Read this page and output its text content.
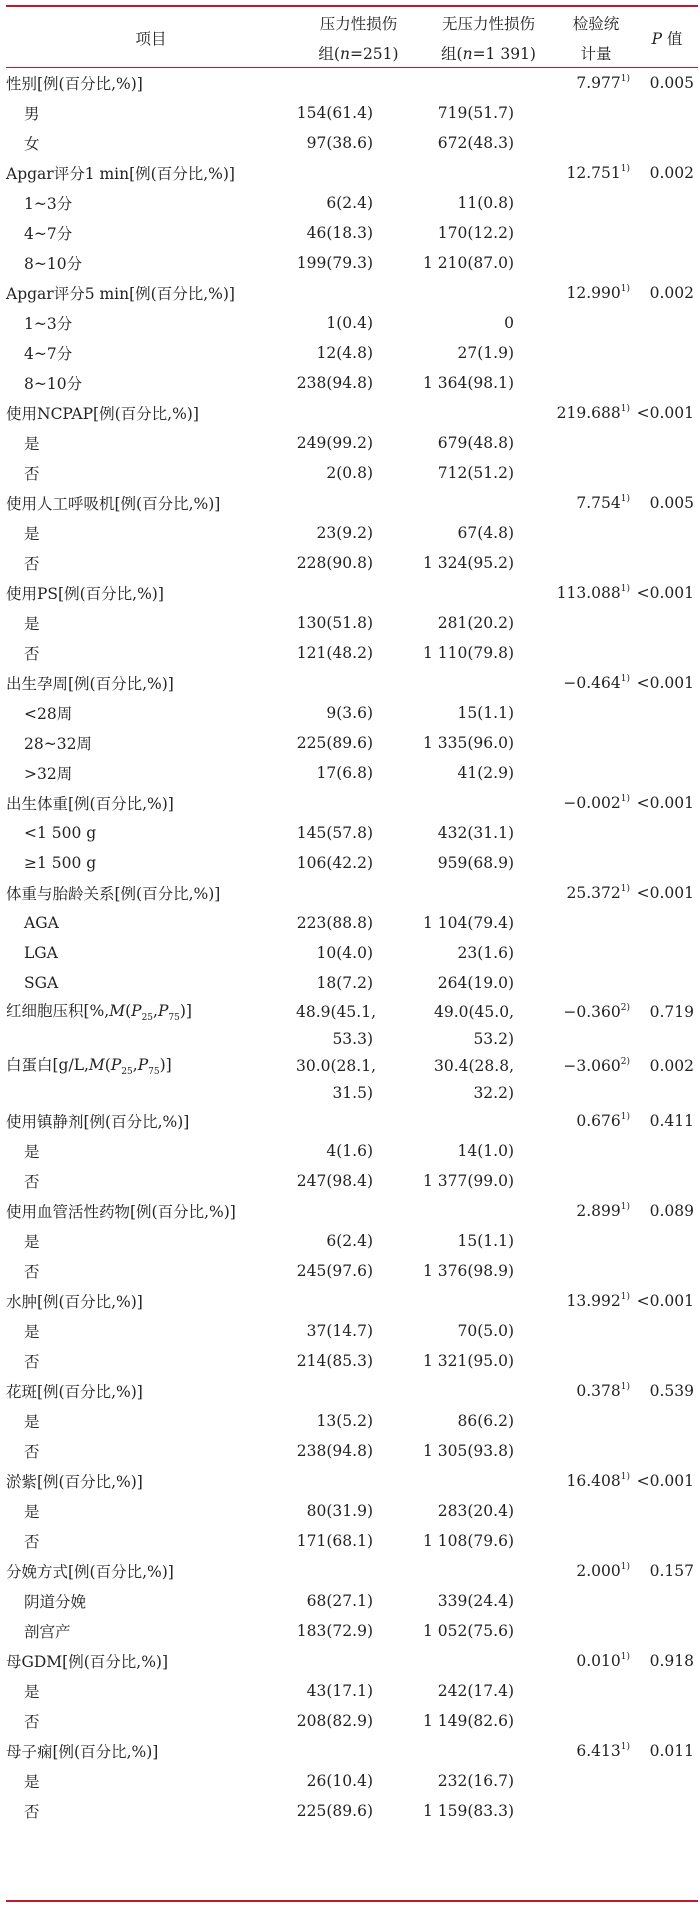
项目	压力性损伤	无压力性损伤	检验统	P 值
	组(n=251)	组(n=1 391)	计量	
性别[例(百分比,%)]			7.977$^{1)}$	0.005
男	154(61.4)	719(51.7)		
女	97(38.6)	672(48.3)		
Apgar评分1 min[例(百分比,%)]			12.751$^{1)}$	0.002
1~3分	6(2.4)	11(0.8)		
4~7分	46(18.3)	170(12.2)		
8~10分	199(79.3)	1 210(87.0)		
Apgar评分5 min[例(百分比,%)]			12.990$^{1)}$	0.002
1~3分	1(0.4)	0		
4~7分	12(4.8)	27(1.9)		
8~10分	238(94.8)	1 364(98.1)		
使用NCPAP[例(百分比,%)]			$219.688^{1)}$	<0.001
是	249(99.2)	679(48.8)		
否	2(0.8)	712(51.2)		
使用人工呼吸机[例(百分比,%)]			7.754$^{1)}$	0.005
是	23(9.2)	67(4.8)		
否	228(90.8)	1 324(95.2)		
使用PS[例(百分比,%)]			$113.088^{1)}$	<0.001
是	130(51.8)	281(20.2)		
否	121(48.2)	1 110(79.8)		
出生孕周[例(百分比,%)]			$-0.464^{1)}$	<0.001
<28周	9(3.6)	15(1.1)		
28~32周	225(89.6)	1 335(96.0)		
>32周	17(6.8)	41(2.9)		
出生体重[例(百分比,%)]			$-0.002^{1)}$	<0.001
<1 500 g	145(57.8)	432(31.1)		
≥1 500 g	106(42.2)	959(68.9)		
体重与胎龄关系[例(百分比,%)]			$25.372^{1)}$	<0.001
AGA	223(88.8)	1 104(79.4)		
LGA	10(4.0)	23(1.6)		
SGA	18(7.2)	264(19.0)		
红细胞压积$[\%,M(P_{25},P_{75})]$	48.9(45.1,	49.0(45.0,	$-0.360^{2)}$	0.719
	53.3)	53.2)		
白蛋白$[g/L,M(P_{25},P_{75})]$	30.0(28.1,	30.4(28.8,	$-3.060^{2)}$	0.002
	31.5)	32.2)		
使用镇静剂[例(百分比,%)]			0.676$^{1)}$	0.411
是	4(1.6)	14(1.0)		
否	247(98.4)	1 377(99.0)		
使用血管活性药物[例(百分比,%)]			2.899$^{1)}$	0.089
是	6(2.4)	15(1.1)		
否	245(97.6)	1 376(98.9)		
水肿[例(百分比,%)]			$13.992^{1)}$	<0.001
是	37(14.7)	70(5.0)		
否	214(85.3)	1 321(95.0)		
花斑[例(百分比,%)]			0.378$^{1)}$	0.539
是	13(5.2)	86(6.2)		
否	238(94.8)	1 305(93.8)		
淤紫[例(百分比,%)]			$16.408^{1)}$	<0.001
是	80(31.9)	283(20.4)		
否	171(68.1)	1 108(79.6)		
分娩方式[例(百分比,%)]			2.000$^{1)}$	0.157
阴道分娩	68(27.1)	339(24.4)		
剖宫产	183(72.9)	1 052(75.6)		
母GDM[例(百分比,%)]			0.010$^{1)}$	0.918
是	43(17.1)	242(17.4)		
否	208(82.9)	1 149(82.6)		
母子痫[例(百分比,%)]			6.413$^{1)}$	0.011
是	26(10.4)	232(16.7)		
否	225(89.6)	1 159(83.3)		
